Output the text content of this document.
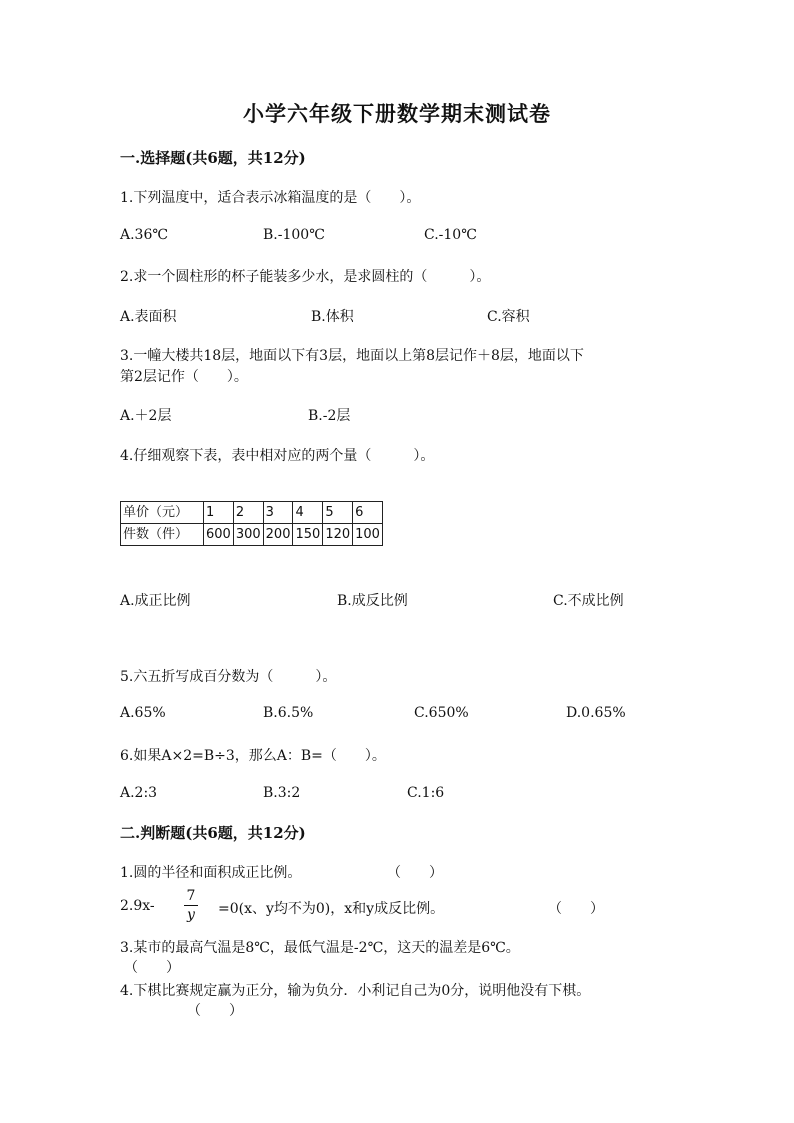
小学六年级下册数学期末测试卷
一.选择题(共6题，共12分)
1.下列温度中，适合表示冰箱温度的是（　　）。
A.36℃	B.-100℃	C.-10℃
2.求一个圆柱形的杯子能装多少水，是求圆柱的（　　　）。
A.表面积	B.体积	C.容积
3.一幢大楼共18层，地面以下有3层，地面以上第8层记作＋8层，地面以下
第2层记作（　　）。
A.＋2层	B.-2层
4.仔细观察下表，表中相对应的两个量（　　　）。
单价（元）	1	2	3	4	5	6
件数（件）	600	300	200	150	120	100
A.成正比例	B.成反比例	C.不成比例
5.六五折写成百分数为（　　　）。
A.65%	B.6.5%	C.650%	D.0.65%
6.如果A×2=B÷3，那么A：B=（　　）。
A.2:3	B.3:2	C.1:6
二.判断题(共6题，共12分)
1.圆的半径和面积成正比例。	（　　）
2.9x-
7
y =0(x、y均不为0)，x和y成反比例。	（　　）
3.某市的最高气温是8℃，最低气温是-2℃，这天的温差是6℃。
（　　）
4.下棋比赛规定赢为正分，输为负分．小利记自己为0分，说明他没有下棋。
（　　）
